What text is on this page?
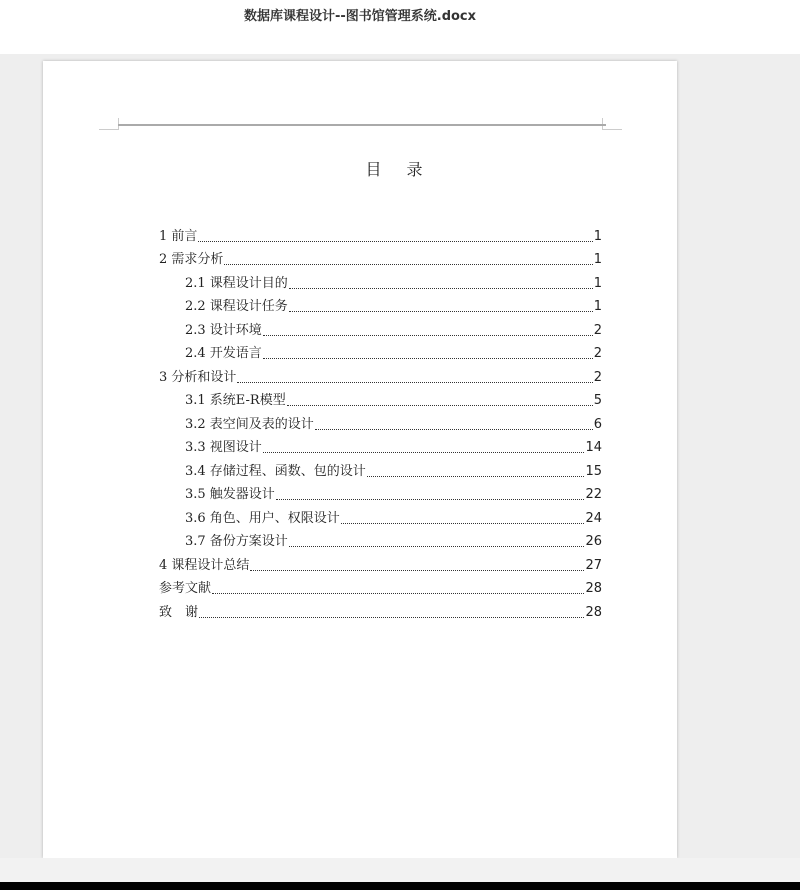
数据库课程设计--图书馆管理系统.docx
目 录
1 前言	1
2 需求分析	1
2.1 课程设计目的	1
2.2 课程设计任务	1
2.3 设计环境	2
2.4 开发语言	2
3 分析和设计	2
3.1 系统E-R模型	5
3.2 表空间及表的设计	6
3.3 视图设计	14
3.4 存储过程、函数、包的设计	15
3.5 触发器设计	22
3.6 角色、用户、权限设计	24
3.7 备份方案设计	26
4 课程设计总结	27
参考文献	28
致　谢	28
